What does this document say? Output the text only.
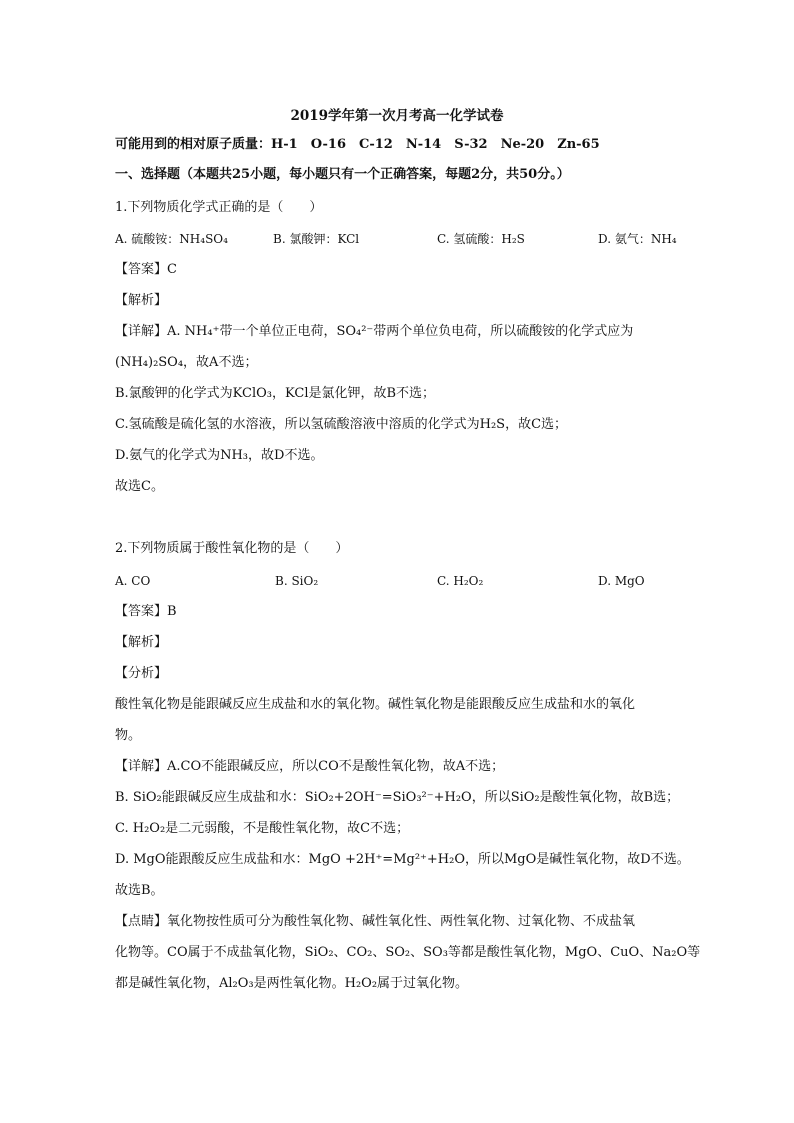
2019学年第一次月考高一化学试卷
可能用到的相对原子质量：H-1　O-16　C-12　N-14　S-32　Ne-20　Zn-65
一、选择题（本题共25小题，每小题只有一个正确答案，每题2分，共50分。）
1.下列物质化学式正确的是（　　）
A. 硫酸铵：NH₄SO₄	B. 氯酸钾：KCl	C. 氢硫酸：H₂S	D. 氨气：NH₄
【答案】C
【解析】
【详解】A. NH₄⁺带一个单位正电荷，SO₄²⁻带两个单位负电荷，所以硫酸铵的化学式应为
(NH₄)₂SO₄，故A不选；
B.氯酸钾的化学式为KClO₃，KCl是氯化钾，故B不选；
C.氢硫酸是硫化氢的水溶液，所以氢硫酸溶液中溶质的化学式为H₂S，故C选；
D.氨气的化学式为NH₃，故D不选。
故选C。
2.下列物质属于酸性氧化物的是（　　）
A. CO	B. SiO₂	C. H₂O₂	D. MgO
【答案】B
【解析】
【分析】
酸性氧化物是能跟碱反应生成盐和水的氧化物。碱性氧化物是能跟酸反应生成盐和水的氧化
物。
【详解】A.CO不能跟碱反应，所以CO不是酸性氧化物，故A不选；
B. SiO₂能跟碱反应生成盐和水：SiO₂+2OH⁻=SiO₃²⁻+H₂O，所以SiO₂是酸性氧化物，故B选；
C. H₂O₂是二元弱酸，不是酸性氧化物，故C不选；
D. MgO能跟酸反应生成盐和水：MgO +2H⁺=Mg²⁺+H₂O，所以MgO是碱性氧化物，故D不选。
故选B。
【点睛】氧化物按性质可分为酸性氧化物、碱性氧化性、两性氧化物、过氧化物、不成盐氧
化物等。CO属于不成盐氧化物，SiO₂、CO₂、SO₂、SO₃等都是酸性氧化物，MgO、CuO、Na₂O等
都是碱性氧化物，Al₂O₃是两性氧化物。H₂O₂属于过氧化物。
